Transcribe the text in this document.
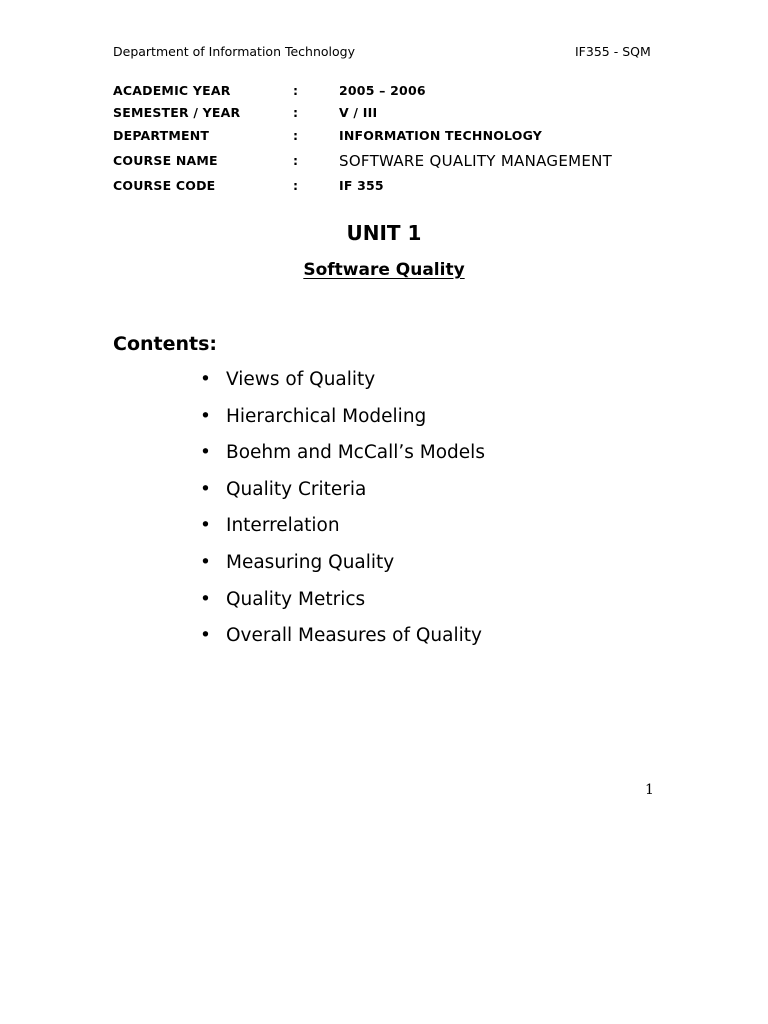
Department of Information Technology	IF355 - SQM
ACADEMIC YEAR	:	2005 – 2006
SEMESTER / YEAR	:	V / III
DEPARTMENT	:	INFORMATION TECHNOLOGY
COURSE NAME	:	SOFTWARE QUALITY MANAGEMENT
COURSE CODE	:	IF 355
UNIT 1
Software Quality
Contents:
• Views of Quality
• Hierarchical Modeling
• Boehm and McCallʼs Models
• Quality Criteria
• Interrelation
• Measuring Quality
• Quality Metrics
• Overall Measures of Quality
1
